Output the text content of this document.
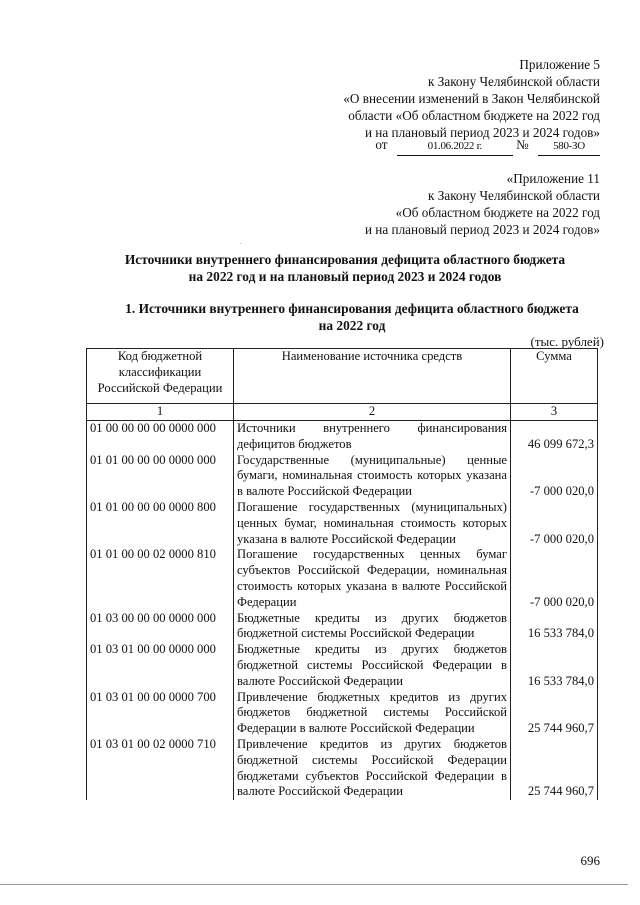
Приложение 5
к Закону Челябинской области
«О внесении изменений в Закон Челябинской
области «Об областном бюджете на 2022 год
и на плановый период 2023 и 2024 годов»
от	01.06.2022 г.	№ 580-ЗО
«Приложение 11
к Закону Челябинской области
«Об областном бюджете на 2022 год
и на плановый период 2023 и 2024 годов»
Источники внутреннего финансирования дефицита областного бюджета
на 2022 год и на плановый период 2023 и 2024 годов
1. Источники внутреннего финансирования дефицита областного бюджета
на 2022 год
(тыс. рублей)
Код бюджетной классификации Российской Федерации	Наименование источника средств	Сумма
1	2	3
01 00 00 00 00 0000 000	Источники внутреннего финансирования дефицитов бюджетов	46 099 672,3
01 01 00 00 00 0000 000	Государственные (муниципальные) ценные бумаги, номинальная стоимость которых указана в валюте Российской Федерации	-7 000 020,0
01 01 00 00 00 0000 800	Погашение государственных (муниципальных) ценных бумаг, номинальная стоимость которых указана в валюте Российской Федерации	-7 000 020,0
01 01 00 00 02 0000 810	Погашение государственных ценных бумаг субъектов Российской Федерации, номинальная стоимость которых указана в валюте Российской Федерации	-7 000 020,0
01 03 00 00 00 0000 000	Бюджетные кредиты из других бюджетов бюджетной системы Российской Федерации	16 533 784,0
01 03 01 00 00 0000 000	Бюджетные кредиты из других бюджетов бюджетной системы Российской Федерации в валюте Российской Федерации	16 533 784,0
01 03 01 00 00 0000 700	Привлечение бюджетных кредитов из других бюджетов бюджетной системы Российской Федерации в валюте Российской Федерации	25 744 960,7
01 03 01 00 02 0000 710	Привлечение кредитов из других бюджетов бюджетной системы Российской Федерации бюджетами субъектов Российской Федерации в валюте Российской Федерации	25 744 960,7
696
